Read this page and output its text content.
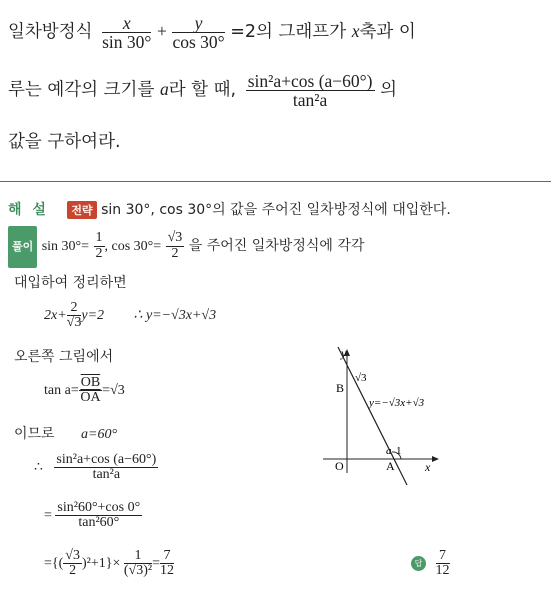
일차방정식 $\frac{x}{\sin 30^\circ} + \frac{y}{\cos 30^\circ} =2$의 그래프가 x축과 이
루는 예각의 크기를 a라 할 때, $\frac{\text{sin²a+cos (a−60°)}}{\text{tan²a}}$ 의
값을 구하여라.
해 설 전략 sin 30°, cos 30°의 값을 주어진 일차방정식에 대입한다.
풀이 $\sin 30^\circ= \frac{1}{2}$ , $\cos 30^\circ= \frac{√3}{2}$ 을 주어진 일차방정식에 각각
대입하여 정리하면
$2x+ \frac{2}{√3} y=2$ ∴ y=−√3x+√3
오른쪽 그림에서
$\tan a= \frac{\overline{OB}}{OA} =√3$
이므로 a=60°
∴ $\frac{\text{sin²a+cos (a−60°)}}{\text{tan²a}}$
= $\frac{\text{sin²60°+cos 0°}}{\text{tan²60°}}$
={( $\frac{√3}{2} )^2+1\}\times \frac{1}{\text{(√3)²}} = \frac{7}{12}$	답 $\frac{7}{12}$
y
x
O	A
B
1
a
√3
y=−√3x+√3
